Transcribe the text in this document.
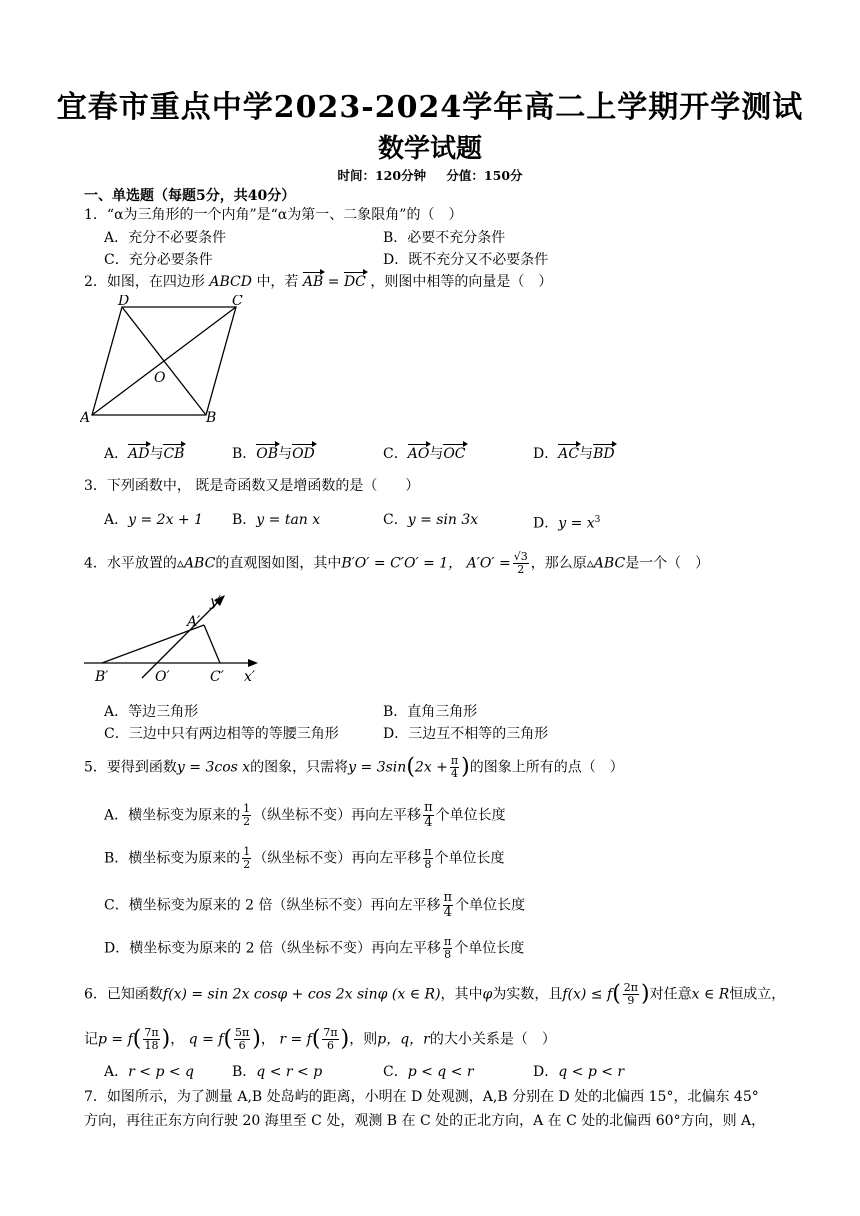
宜春市重点中学2023-2024学年高二上学期开学测试
数学试题
时间：120分钟 分值：150分
一、单选题（每题5分，共40分）
1．“α为三角形的一个内角”是“α为第一、二象限角”的（　）
A．充分不必要条件	B．必要不充分条件
C．充分必要条件	D．既不充分又不必要条件
2．如图，在四边形 ABCD 中，若 AB = DC ，则图中相等的向量是（　）
D	C
A	B
O
A．AD与CB	B．OB与OD	C．AO与OC	D．AC与BD
3．下列函数中， 既是奇函数又是增函数的是（　　）
A．y = 2x + 1 B．y = tan x	C．y = sin 3x	D．$y = x^3$
4．水平放置的▵ABC的直观图如图，其中B′O′ = C′O′ = 1， $A'O' = \frac{√3}{2}$ ，那么原▵ABC是一个（　）
y′
A′
B′	O′	C′ x′
A．等边三角形	B．直角三角形
C．三边中只有两边相等的等腰三角形	D．三边互不相等的三角形
5．要得到函数y = 3cos x的图象，只需将$y = 3\sin(2x + \frac{\pi}{4}$ )的图象上所有的点（　）
A．横坐标变为原来的 $\frac{1}{2}$ （纵坐标不变）再向左平移 $\frac{\pi}{4}$ 个单位长度
B．横坐标变为原来的 $\frac{1}{2}$ （纵坐标不变）再向左平移 $\frac{\pi}{8}$ 个单位长度
C．横坐标变为原来的 2 倍（纵坐标不变）再向左平移 $\frac{\pi}{4}$ 个单位长度
D．横坐标变为原来的 2 倍（纵坐标不变）再向左平移 $\frac{\pi}{8}$ 个单位长度
6．已知函数f(x) = sin 2x cosφ + cos 2x sinφ (x ∈ R)，其中φ为实数，且$f(x) \le f( \frac{2\pi}{9}$ )对任意x ∈ R恒成立，
记$p = f( \frac{7\pi}{18}$ )， $q = f( \frac{5\pi}{6}$ )， $r = f( \frac{7\pi}{6}$ )，则p，q，r的大小关系是（　）
A．r < p < q	B．q < r < p	C．p < q < r	D．q < p < r
7．如图所示，为了测量 A,B 处岛屿的距离，小明在 D 处观测，A,B 分别在 D 处的北偏西 15°，北偏东 45°
方向，再往正东方向行驶 20 海里至 C 处，观测 B 在 C 处的正北方向，A 在 C 处的北偏西 60°方向，则 A，
